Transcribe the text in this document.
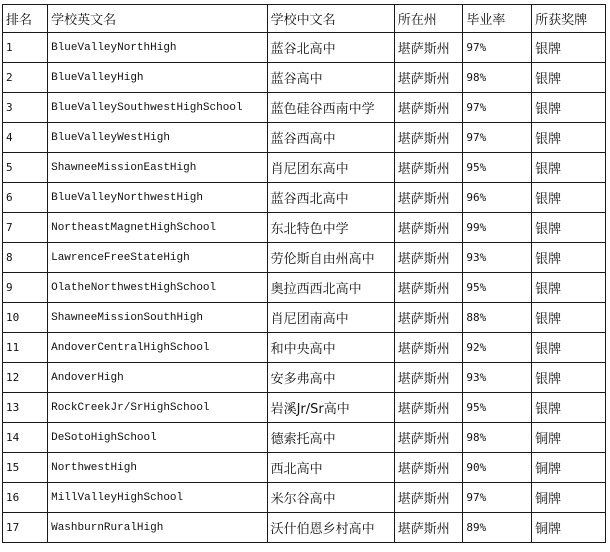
排名	学校英文名	学校中文名	所在州	毕业率	所获奖牌
1	BlueValleyNorthHigh	蓝谷北高中	堪萨斯州	97%	银牌
2	BlueValleyHigh	蓝谷高中	堪萨斯州	98%	银牌
3	BlueValleySouthwestHighSchool	蓝色硅谷西南中学	堪萨斯州	97%	银牌
4	BlueValleyWestHigh	蓝谷西高中	堪萨斯州	97%	银牌
5	ShawneeMissionEastHigh	肖尼团东高中	堪萨斯州	95%	银牌
6	BlueValleyNorthwestHigh	蓝谷西北高中	堪萨斯州	96%	银牌
7	NortheastMagnetHighSchool	东北特色中学	堪萨斯州	99%	银牌
8	LawrenceFreeStateHigh	劳伦斯自由州高中	堪萨斯州	93%	银牌
9	OlatheNorthwestHighSchool	奥拉西西北高中	堪萨斯州	95%	银牌
10	ShawneeMissionSouthHigh	肖尼团南高中	堪萨斯州	88%	银牌
11	AndoverCentralHighSchool	和中央高中	堪萨斯州	92%	银牌
12	AndoverHigh	安多弗高中	堪萨斯州	93%	银牌
13	RockCreekJr/SrHighSchool	岩溪Jr/Sr高中	堪萨斯州	95%	银牌
14	DeSotoHighSchool	德索托高中	堪萨斯州	98%	铜牌
15	NorthwestHigh	西北高中	堪萨斯州	90%	铜牌
16	MillValleyHighSchool	米尔谷高中	堪萨斯州	97%	铜牌
17	WashburnRuralHigh	沃什伯恩乡村高中	堪萨斯州	89%	铜牌
